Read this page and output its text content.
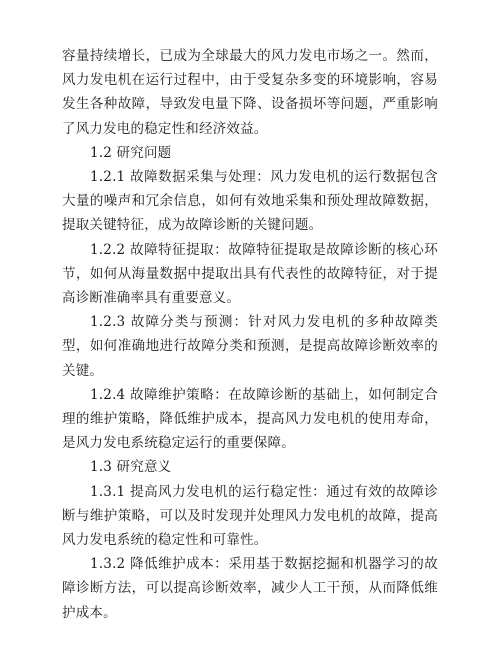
容量持续增长，已成为全球最大的风力发电市场之一。然而，风力发电机在运行过程中，由于受复杂多变的环境影响，容易发生各种故障，导致发电量下降、设备损坏等问题，严重影响了风力发电的稳定性和经济效益。

1.2 研究问题

1.2.1 故障数据采集与处理：风力发电机的运行数据包含大量的噪声和冗余信息，如何有效地采集和预处理故障数据，提取关键特征，成为故障诊断的关键问题。

1.2.2 故障特征提取：故障特征提取是故障诊断的核心环节，如何从海量数据中提取出具有代表性的故障特征，对于提高诊断准确率具有重要意义。

1.2.3 故障分类与预测：针对风力发电机的多种故障类型，如何准确地进行故障分类和预测，是提高故障诊断效率的关键。

1.2.4 故障维护策略：在故障诊断的基础上，如何制定合理的维护策略，降低维护成本，提高风力发电机的使用寿命，是风力发电系统稳定运行的重要保障。

1.3 研究意义

1.3.1 提高风力发电机的运行稳定性：通过有效的故障诊断与维护策略，可以及时发现并处理风力发电机的故障，提高风力发电系统的稳定性和可靠性。

1.3.2 降低维护成本：采用基于数据挖掘和机器学习的故障诊断方法，可以提高诊断效率，减少人工干预，从而降低维护成本。
